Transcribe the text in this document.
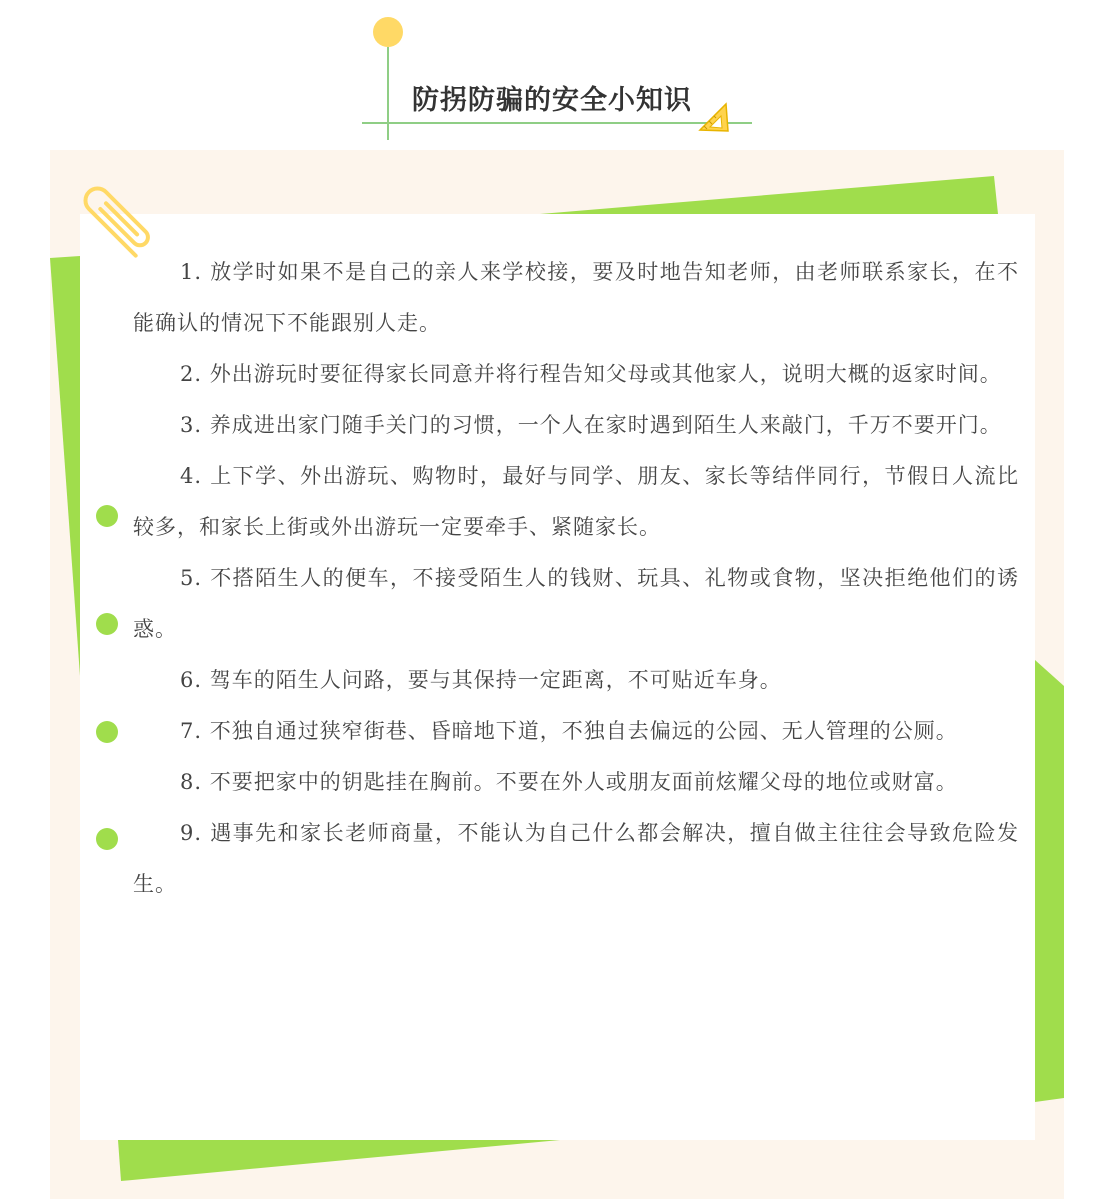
防拐防骗的安全小知识
1. 放学时如果不是自己的亲人来学校接，要及时地告知老师，由老师联系家长，在不能确认的情况下不能跟别人走。
2. 外出游玩时要征得家长同意并将行程告知父母或其他家人，说明大概的返家时间。
3. 养成进出家门随手关门的习惯，一个人在家时遇到陌生人来敲门，千万不要开门。
4. 上下学、外出游玩、购物时，最好与同学、朋友、家长等结伴同行，节假日人流比较多，和家长上街或外出游玩一定要牵手、紧随家长。
5. 不搭陌生人的便车，不接受陌生人的钱财、玩具、礼物或食物，坚决拒绝他们的诱惑。
6. 驾车的陌生人问路，要与其保持一定距离，不可贴近车身。
7. 不独自通过狭窄街巷、昏暗地下道，不独自去偏远的公园、无人管理的公厕。
8. 不要把家中的钥匙挂在胸前。不要在外人或朋友面前炫耀父母的地位或财富。
9. 遇事先和家长老师商量，不能认为自己什么都会解决，擅自做主往往会导致危险发生。
